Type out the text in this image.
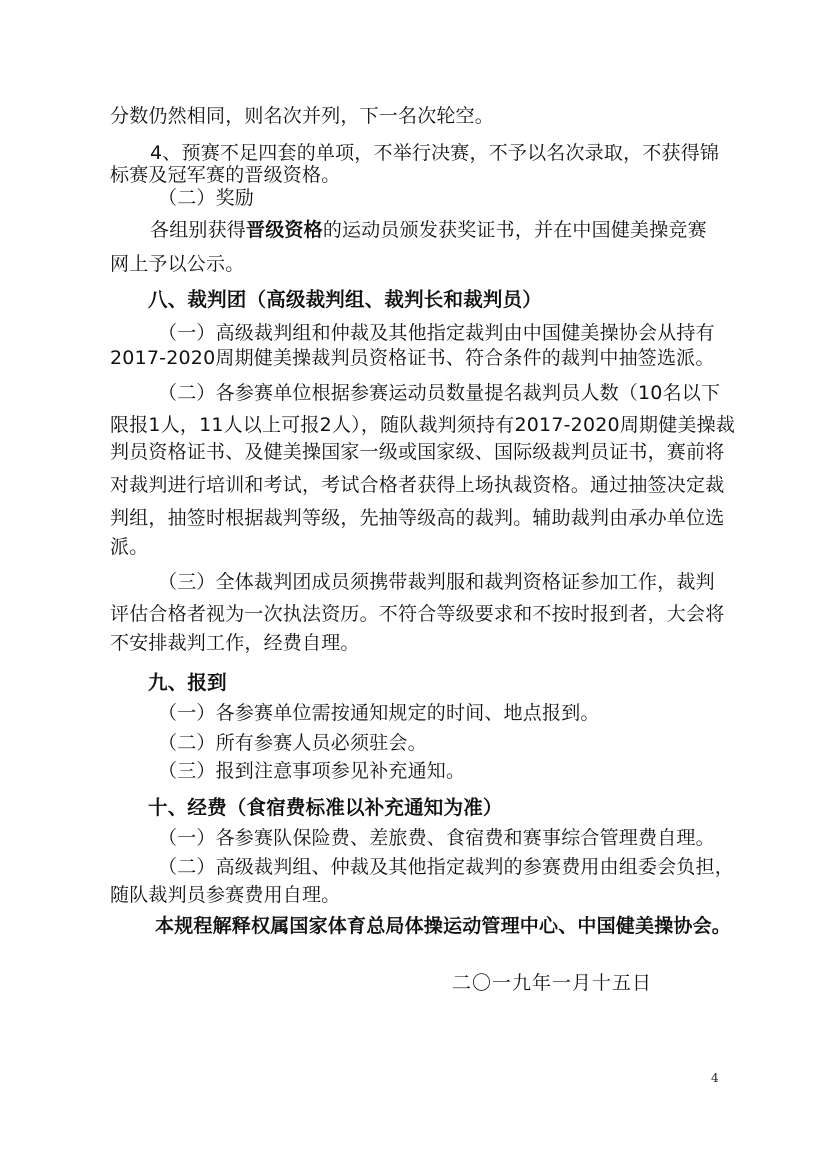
分数仍然相同，则名次并列，下一名次轮空。
4、预赛不足四套的单项，不举行决赛，不予以名次录取，不获得锦
标赛及冠军赛的晋级资格。
（二）奖励
各组别获得晋级资格的运动员颁发获奖证书，并在中国健美操竞赛
网上予以公示。
八、裁判团（高级裁判组、裁判长和裁判员）
（一）高级裁判组和仲裁及其他指定裁判由中国健美操协会从持有
2017-2020周期健美操裁判员资格证书、符合条件的裁判中抽签选派。
（二）各参赛单位根据参赛运动员数量提名裁判员人数（10名以下
限报1人，11人以上可报2人），随队裁判须持有2017-2020周期健美操裁
判员资格证书、及健美操国家一级或国家级、国际级裁判员证书，赛前将
对裁判进行培训和考试，考试合格者获得上场执裁资格。通过抽签决定裁
判组，抽签时根据裁判等级，先抽等级高的裁判。辅助裁判由承办单位选
派。
（三）全体裁判团成员须携带裁判服和裁判资格证参加工作，裁判
评估合格者视为一次执法资历。不符合等级要求和不按时报到者，大会将
不安排裁判工作，经费自理。
九、报到
（一）各参赛单位需按通知规定的时间、地点报到。
（二）所有参赛人员必须驻会。
（三）报到注意事项参见补充通知。
十、经费（食宿费标准以补充通知为准）
（一）各参赛队保险费、差旅费、食宿费和赛事综合管理费自理。
（二）高级裁判组、仲裁及其他指定裁判的参赛费用由组委会负担，
随队裁判员参赛费用自理。
本规程解释权属国家体育总局体操运动管理中心、中国健美操协会。
二〇一九年一月十五日
4
